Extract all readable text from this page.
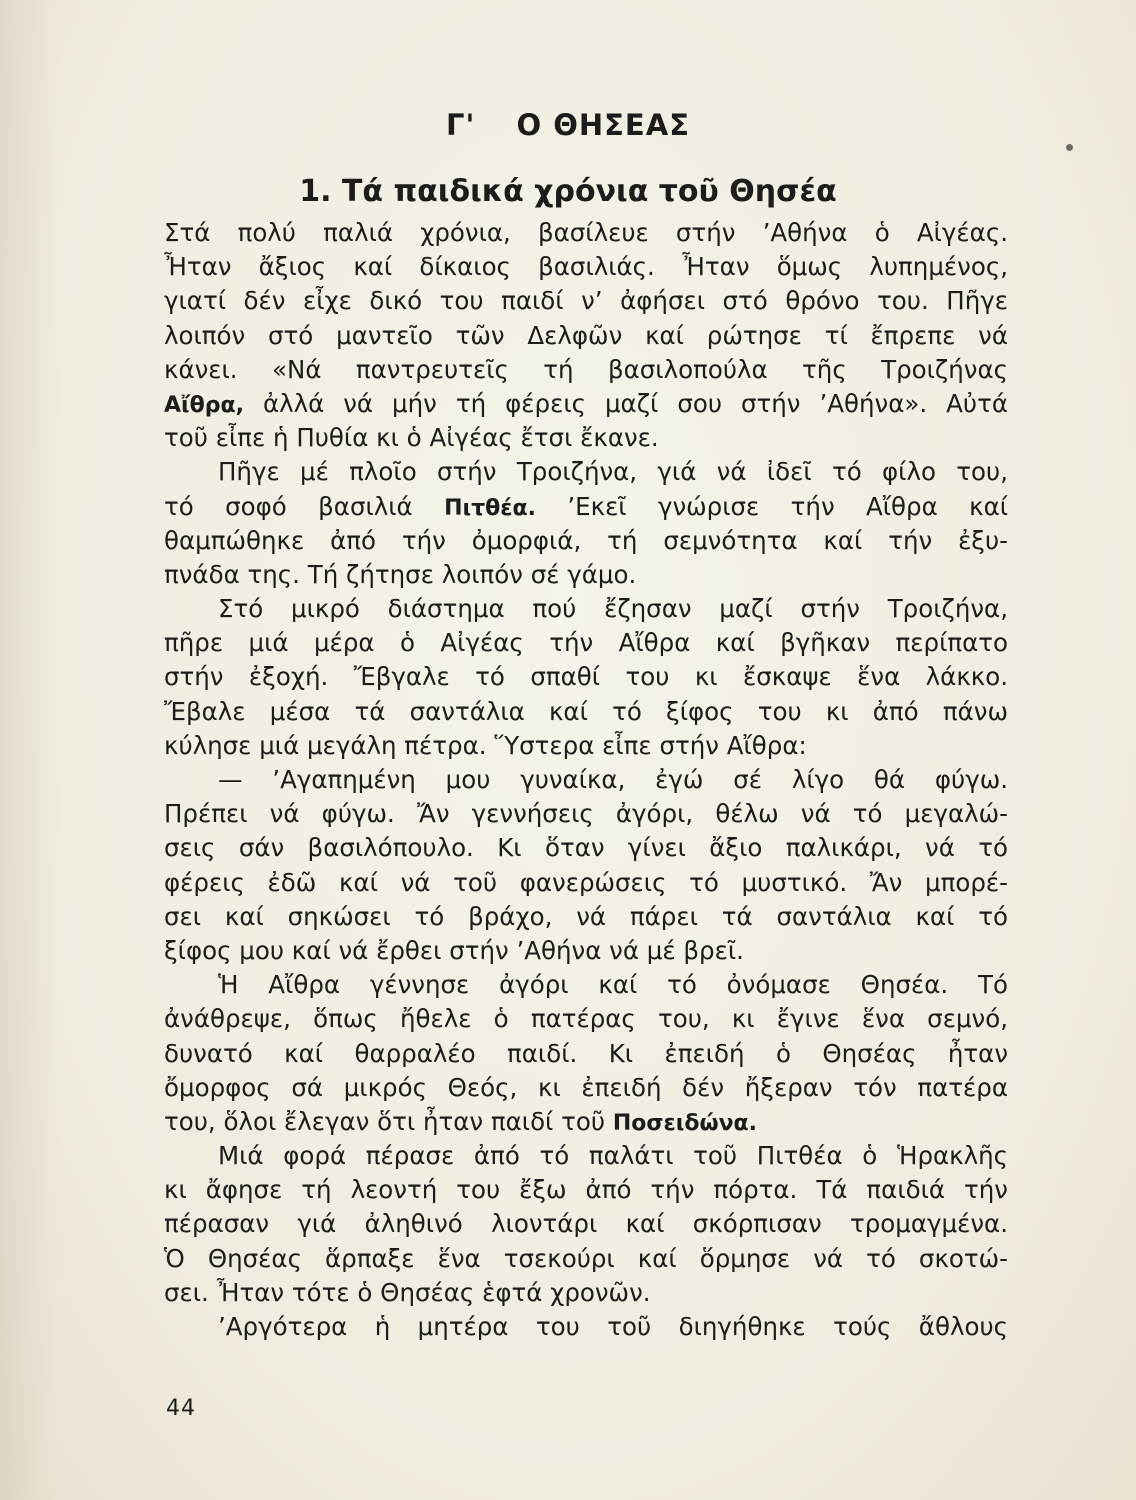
Γ' Ο ΘΗΣΕΑΣ
1. Τά παιδικά χρόνια τοῦ Θησέα
Στά πολύ παλιά χρόνια, βασίλευε στήν ’Αθήνα ὁ Αἰγέας.
Ἦταν ἄξιος καί δίκαιος βασιλιάς. Ἦταν ὅμως λυπημένος,
γιατί δέν εἶχε δικό του παιδί ν’ ἀφήσει στό θρόνο του. Πῆγε
λοιπόν στό μαντεῖο τῶν Δελφῶν καί ρώτησε τί ἔπρεπε νά
κάνει. «Νά παντρευτεῖς τή βασιλοπούλα τῆς Τροιζήνας
Αἴθρα, ἀλλά νά μήν τή φέρεις μαζί σου στήν ’Αθήνα». Αὐτά
τοῦ εἶπε ἡ Πυθία κι ὁ Αἰγέας ἔτσι ἔκανε.
Πῆγε μέ πλοῖο στήν Τροιζήνα, γιά νά ἰδεῖ τό φίλο του,
τό σοφό βασιλιά Πιτθέα. ’Εκεῖ γνώρισε τήν Αἴθρα καί
θαμπώθηκε ἀπό τήν ὀμορφιά, τή σεμνότητα καί τήν ἐξυ-
πνάδα της. Τή ζήτησε λοιπόν σέ γάμο.
Στό μικρό διάστημα πού ἔζησαν μαζί στήν Τροιζήνα,
πῆρε μιά μέρα ὁ Αἰγέας τήν Αἴθρα καί βγῆκαν περίπατο
στήν ἐξοχή. Ἔβγαλε τό σπαθί του κι ἔσκαψε ἕνα λάκκο.
Ἔβαλε μέσα τά σαντάλια καί τό ξίφος του κι ἀπό πάνω
κύλησε μιά μεγάλη πέτρα. Ὕστερα εἶπε στήν Αἴθρα:
— ’Αγαπημένη μου γυναίκα, ἐγώ σέ λίγο θά φύγω.
Πρέπει νά φύγω. Ἄν γεννήσεις ἀγόρι, θέλω νά τό μεγαλώ-
σεις σάν βασιλόπουλο. Κι ὅταν γίνει ἄξιο παλικάρι, νά τό
φέρεις ἐδῶ καί νά τοῦ φανερώσεις τό μυστικό. Ἄν μπορέ-
σει καί σηκώσει τό βράχο, νά πάρει τά σαντάλια καί τό
ξίφος μου καί νά ἔρθει στήν ’Αθήνα νά μέ βρεῖ.
Ἡ Αἴθρα γέννησε ἀγόρι καί τό ὀνόμασε Θησέα. Τό
ἀνάθρεψε, ὅπως ἤθελε ὁ πατέρας του, κι ἔγινε ἕνα σεμνό,
δυνατό καί θαρραλέο παιδί. Κι ἐπειδή ὁ Θησέας ἦταν
ὄμορφος σά μικρός Θεός, κι ἐπειδή δέν ἤξεραν τόν πατέρα
του, ὅλοι ἔλεγαν ὅτι ἦταν παιδί τοῦ Ποσειδώνα.
Μιά φορά πέρασε ἀπό τό παλάτι τοῦ Πιτθέα ὁ Ἡρακλῆς
κι ἄφησε τή λεοντή του ἔξω ἀπό τήν πόρτα. Τά παιδιά τήν
πέρασαν γιά ἀληθινό λιοντάρι καί σκόρπισαν τρομαγμένα.
Ὁ Θησέας ἅρπαξε ἕνα τσεκούρι καί ὅρμησε νά τό σκοτώ-
σει. Ἦταν τότε ὁ Θησέας ἑφτά χρονῶν.
’Αργότερα ἡ μητέρα του τοῦ διηγήθηκε τούς ἄθλους
44
